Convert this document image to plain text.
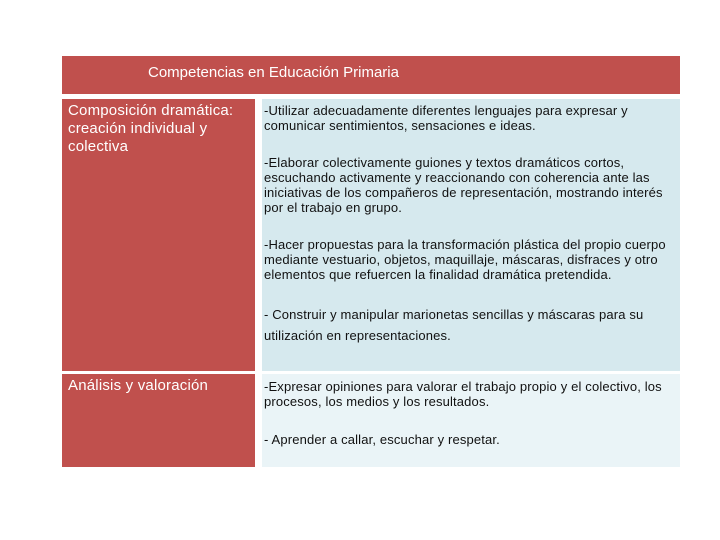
Competencias en Educación Primaria
Composición dramática: creación individual y colectiva

-Utilizar adecuadamente diferentes lenguajes para expresar y comunicar sentimientos, sensaciones e ideas.

-Elaborar colectivamente guiones y textos dramáticos cortos, escuchando activamente y reaccionando con coherencia ante las iniciativas de los compañeros de representación, mostrando interés por el trabajo en grupo.

-Hacer propuestas para la transformación plástica del propio cuerpo mediante vestuario, objetos, maquillaje, máscaras, disfraces y otro elementos que refuercen la finalidad dramática pretendida.

- Construir y manipular marionetas sencillas y máscaras para su utilización en representaciones.

Análisis y valoración	-Expresar opiniones para valorar el trabajo propio y el colectivo, los procesos, los medios y los resultados.

- Aprender a callar, escuchar y respetar.
